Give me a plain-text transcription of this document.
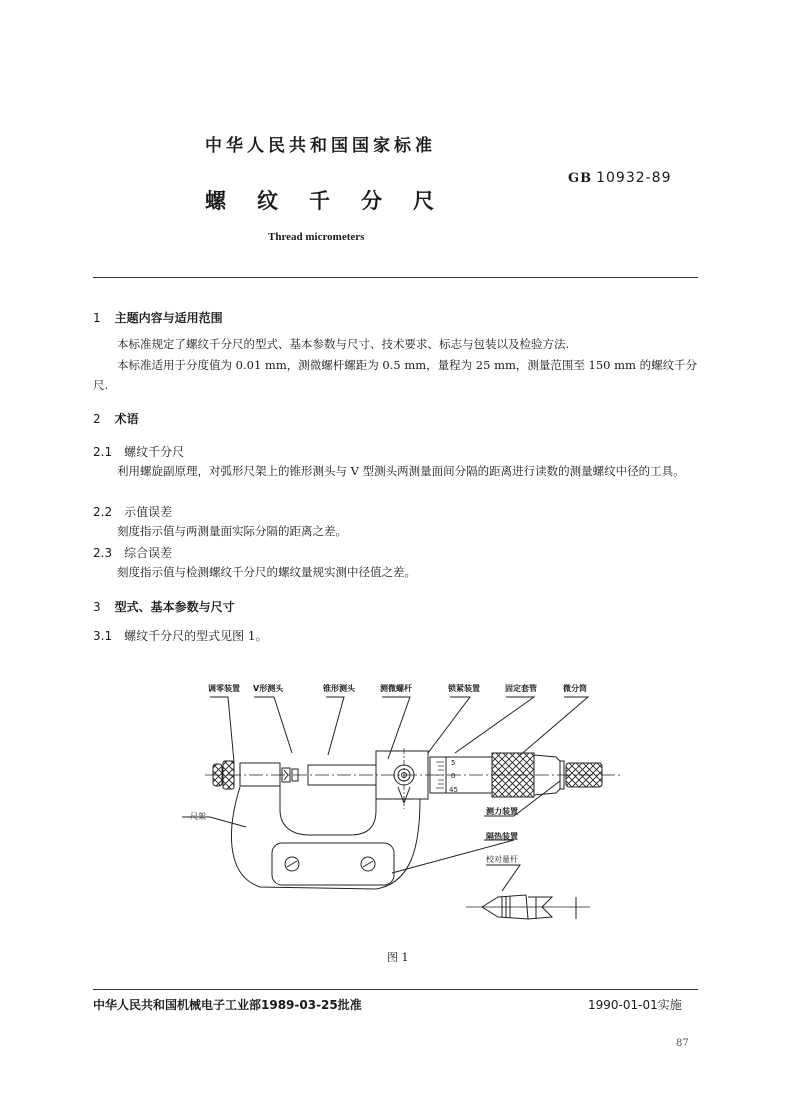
中华人民共和国国家标准
GB 10932-89
螺 纹 千 分 尺
Thread micrometers
1 主题内容与适用范围
本标准规定了螺纹千分尺的型式、基本参数与尺寸、技术要求、标志与包装以及检验方法.
本标准适用于分度值为 0.01 mm，测微螺杆螺距为 0.5 mm，量程为 25 mm，测量范围至 150 mm 的螺纹千分尺.
2 术语
2.1 螺纹千分尺
利用螺旋副原理，对弧形尺架上的锥形测头与 V 型测头两测量面间分隔的距离进行读数的测量螺纹中径的工具。
2.2 示值误差
刻度指示值与两测量面实际分隔的距离之差。
2.3 综合误差
刻度指示值与检测螺纹千分尺的螺纹量规实测中径值之差。
3 型式、基本参数与尺寸
3.1 螺纹千分尺的型式见图 1。
调零装置 V形测头	锥形测头	测微螺杆	锁紧装置	固定套管	微分筒
尺架
测力装置
隔热装置
校对量杆
5
0
45
图 1
中华人民共和国机械电子工业部1989-03-25批准	1990-01-01实施
87
